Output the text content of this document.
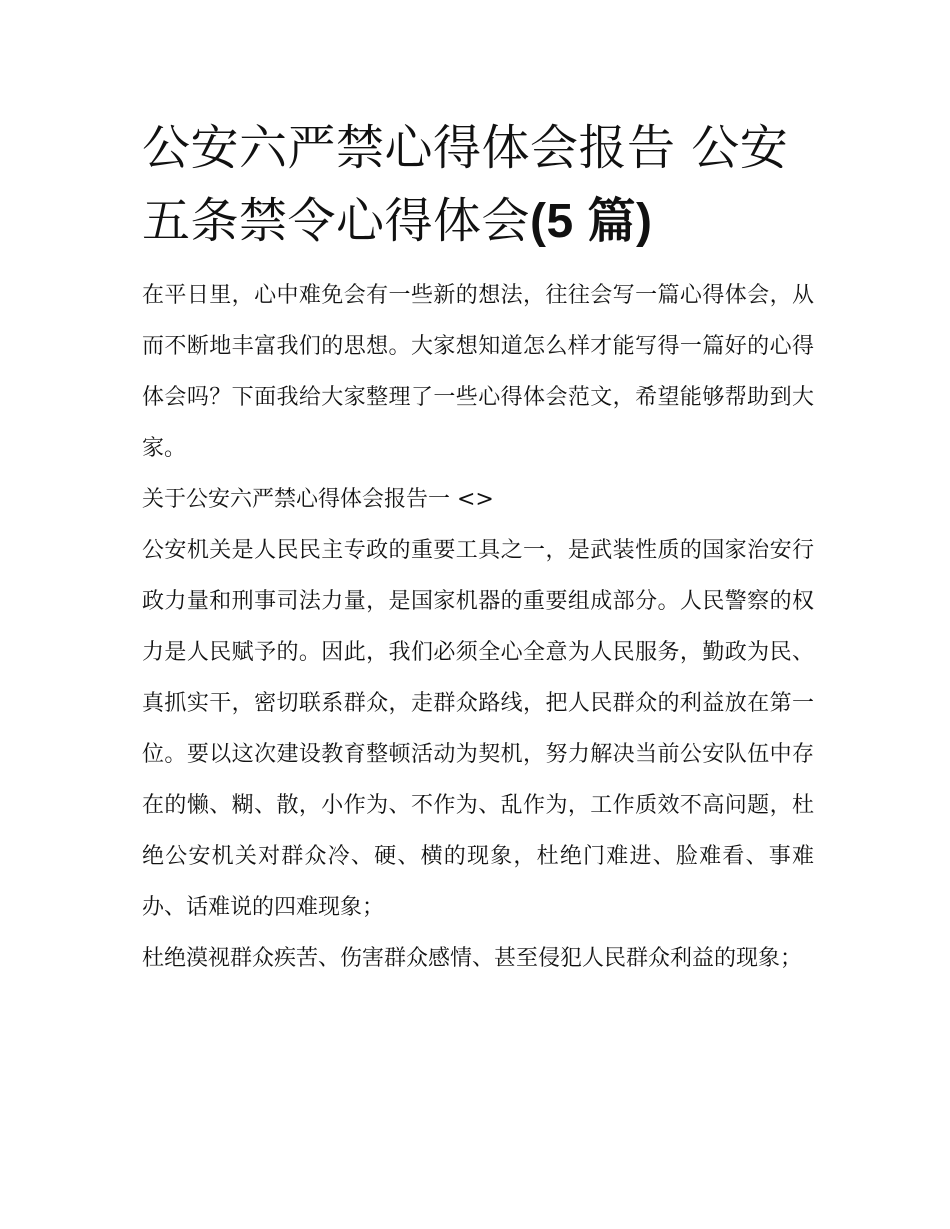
公安六严禁心得体会报告 公安五条禁令心得体会(5 篇)

在平日里，心中难免会有一些新的想法，往往会写一篇心得体会，从而不断地丰富我们的思想。大家想知道怎么样才能写得一篇好的心得体会吗？下面我给大家整理了一些心得体会范文，希望能够帮助到大家。

关于公安六严禁心得体会报告一 <>

公安机关是人民民主专政的重要工具之一，是武装性质的国家治安行政力量和刑事司法力量，是国家机器的重要组成部分。人民警察的权力是人民赋予的。因此，我们必须全心全意为人民服务，勤政为民、真抓实干，密切联系群众，走群众路线，把人民群众的利益放在第一位。要以这次建设教育整顿活动为契机，努力解决当前公安队伍中存在的懒、糊、散，小作为、不作为、乱作为，工作质效不高问题，杜绝公安机关对群众冷、硬、横的现象，杜绝门难进、脸难看、事难办、话难说的四难现象；

杜绝漠视群众疾苦、伤害群众感情、甚至侵犯人民群众利益的现象；
